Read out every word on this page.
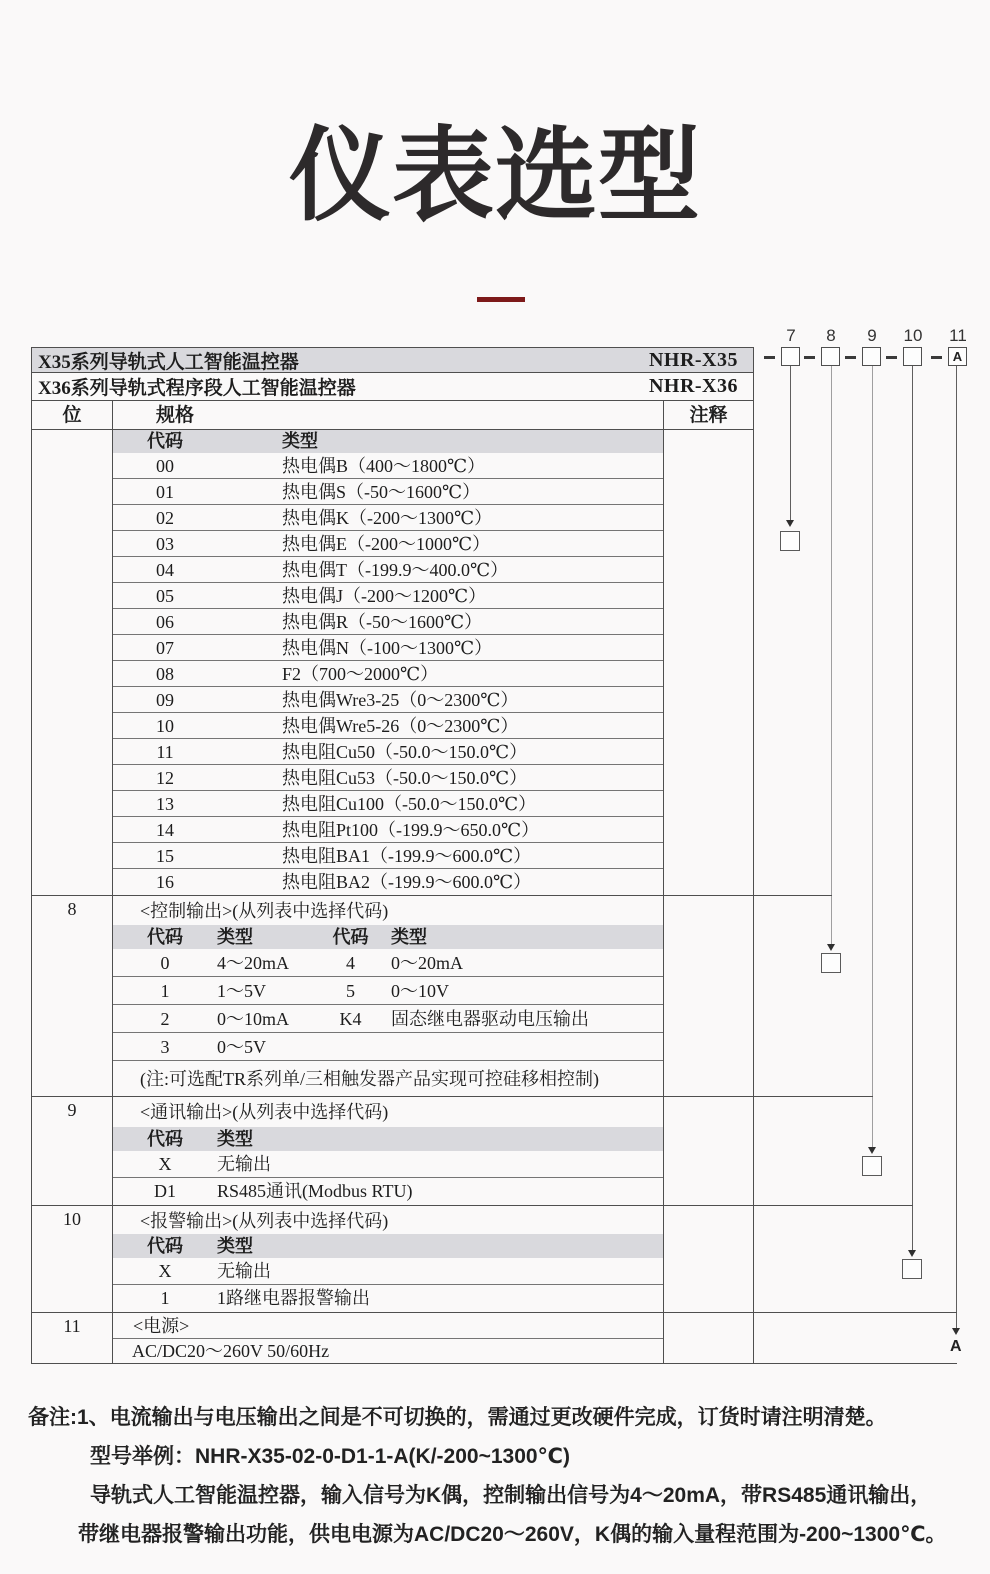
仪表选型
X35系列导轨式人工智能温控器	NHR-X35
X36系列导轨式程序段人工智能温控器	NHR-X36
位	规格	注释
代码	类型
00	热电偶B（400～1800℃）
01	热电偶S（-50～1600℃）
02	热电偶K（-200～1300℃）
03	热电偶E（-200～1000℃）
04	热电偶T（-199.9～400.0℃）
05	热电偶J（-200～1200℃）
06	热电偶R（-50～1600℃）
07	热电偶N（-100～1300℃）
08	F2（700～2000℃）
09	热电偶Wre3-25（0～2300℃）
10	热电偶Wre5-26（0～2300℃）
11	热电阻Cu50（-50.0～150.0℃）
12	热电阻Cu53（-50.0～150.0℃）
13	热电阻Cu100（-50.0～150.0℃）
14	热电阻Pt100（-199.9～650.0℃）
15	热电阻BA1（-199.9～600.0℃）
16	热电阻BA2（-199.9～600.0℃）
8	<控制输出>(从列表中选择代码)
代码	类型	代码	类型
0	4～20mA	4	0～20mA
1	1～5V	5	0～10V
2	0～10mA	K4	固态继电器驱动电压输出
3	0～5V
(注:可选配TR系列单/三相触发器产品实现可控硅移相控制)
9	<通讯输出>(从列表中选择代码)
代码	类型
X	无输出
D1	RS485通讯(Modbus RTU)
10	<报警输出>(从列表中选择代码)
代码	类型
X	无输出
1	1路继电器报警输出
11	<电源>
AC/DC20～260V 50/60Hz
7	8	9	10 11
A
A
备注:1、电流输出与电压输出之间是不可切换的，需通过更改硬件完成，订货时请注明清楚。
型号举例：NHR-X35-02-0-D1-1-A(K/-200~1300℃)
导轨式人工智能温控器，输入信号为K偶，控制输出信号为4～20mA，带RS485通讯输出，
带继电器报警输出功能，供电电源为AC/DC20～260V，K偶的输入量程范围为-200~1300℃。
